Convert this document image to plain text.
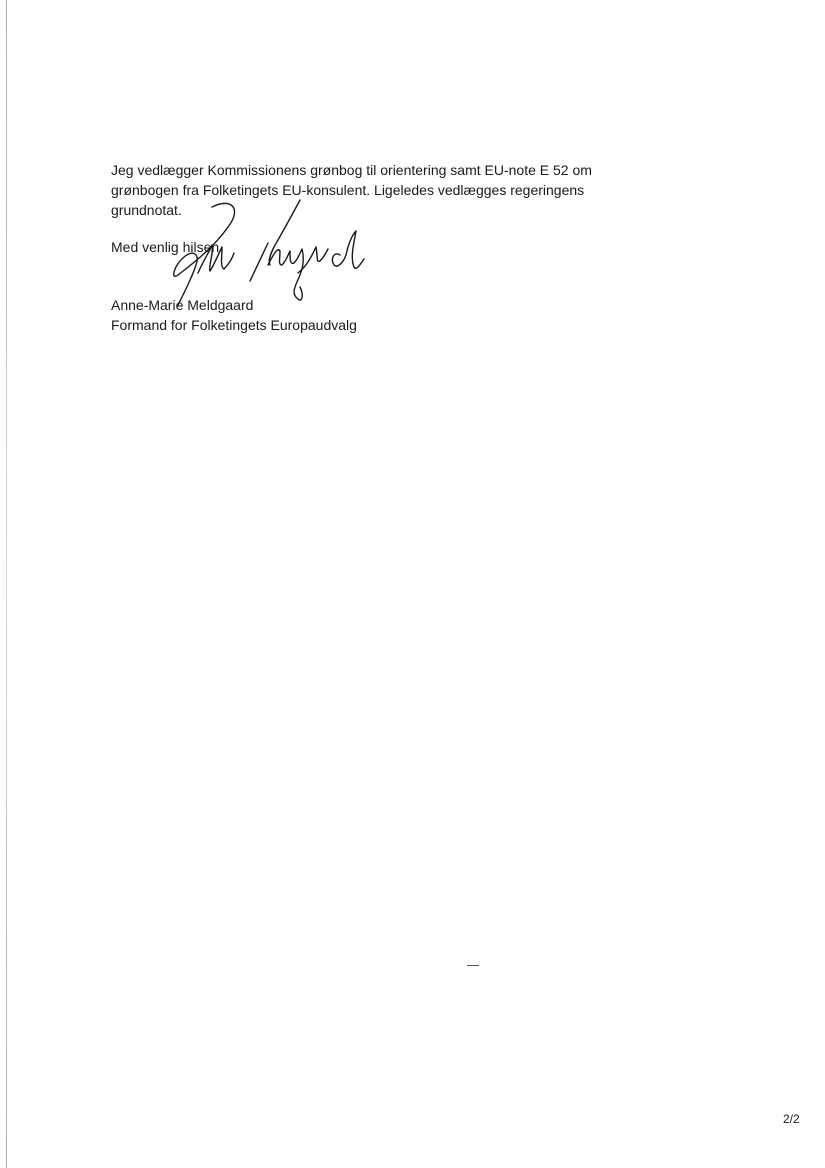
Jeg vedlægger Kommissionens grønbog til orientering samt EU-note E 52 om

grønbogen fra Folketingets EU-konsulent. Ligeledes vedlægges regeringens

grundnotat.

Med venlig hilsen
Anne-Marie Meldgaard
Formand for Folketingets Europaudvalg
2/2
